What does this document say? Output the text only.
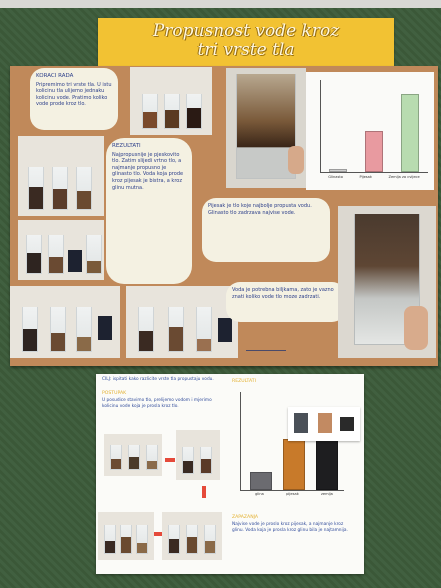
Propusnost vode kroz
tri vrste tla
KORACI RADA
Pripremimo tri vrste tla. U istu kolicinu tla ulijemo jednaku kolicinu vode. Pratimo koliko vode prode kroz tlo.
Glinasto	Pijesak	Zemlja za cvijece
REZULTATI
Najpropusnije je pjeskovito tlo. Zatim slijedi vrtno tlo, a najmanje propusno je glinasto tlo. Voda koja prode kroz pijesak je bistra, a kroz glinu mutna.
Pijesak je tlo koje najbolje propusta vodu. Glinasto tlo zadrzava najvise vode.
Voda je potrebna biljkama, zato je vazno znati koliko vode tlo moze zadrzati.
CILJ: ispitati kako razlicite vrste tla propustaju vodu.
POSTUPAK
U posudice stavimo tlo, prelijemo vodom i mjerimo kolicinu vode koja je prosla kroz tlo.
REZULTATI
glina	pijesak	zemlja
ZAPAZANJA
Najvise vode je proslo kroz pijesak, a najmanje kroz glinu. Voda koja je prosla kroz glinu bila je najtamnija.
